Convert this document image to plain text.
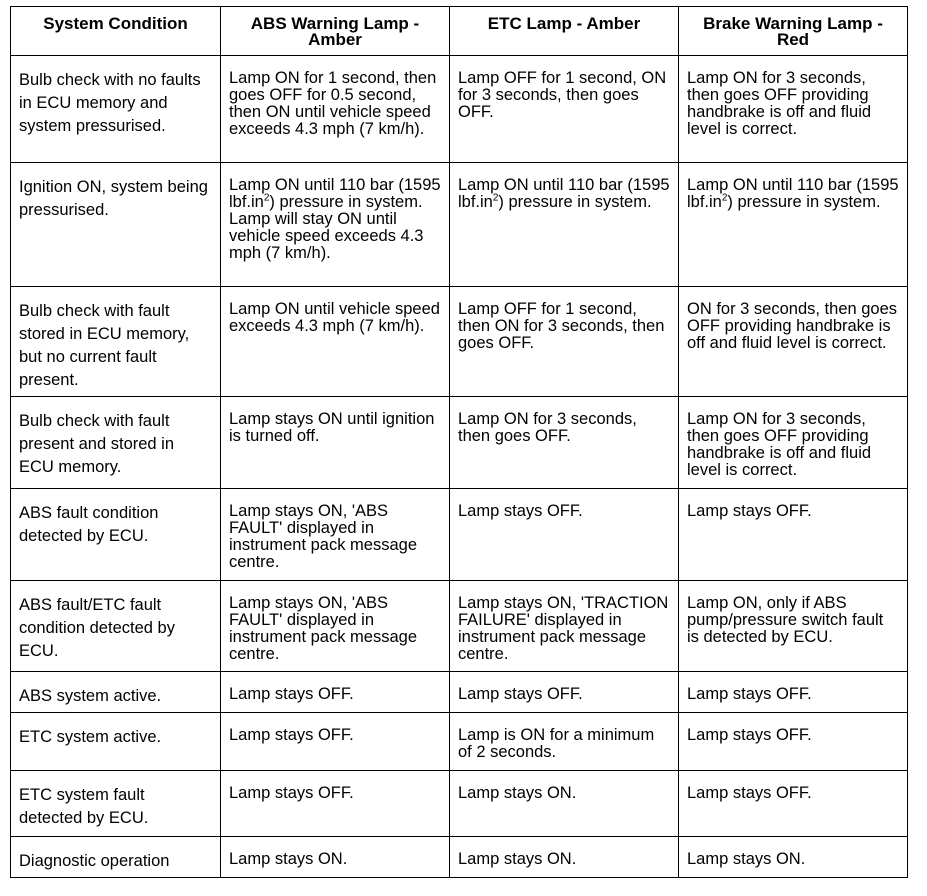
System Condition	ABS Warning Lamp - Amber	ETC Lamp - Amber	Brake Warning Lamp - Red
Bulb check with no faults in ECU memory and system pressurised.	Lamp ON for 1 second, then goes OFF for 0.5 second, then ON until vehicle speed exceeds 4.3 mph (7 km/h).	Lamp OFF for 1 second, ON for 3 seconds, then goes OFF.	Lamp ON for 3 seconds, then goes OFF providing handbrake is off and fluid level is correct.
Ignition ON, system being pressurised.	Lamp ON until 110 bar (1595 $lbf.in^2$) pressure in system. Lamp will stay ON until vehicle speed exceeds 4.3 mph (7 km/h).	Lamp ON until 110 bar (1595 $lbf.in^2$) pressure in system.	Lamp ON until 110 bar (1595 $lbf.in^2$) pressure in system.
Bulb check with fault stored in ECU memory, but no current fault present.	Lamp ON until vehicle speed exceeds 4.3 mph (7 km/h).	Lamp OFF for 1 second, then ON for 3 seconds, then goes OFF.	ON for 3 seconds, then goes OFF providing handbrake is off and fluid level is correct.
Bulb check with fault present and stored in ECU memory.	Lamp stays ON until ignition is turned off.	Lamp ON for 3 seconds, then goes OFF.	Lamp ON for 3 seconds, then goes OFF providing handbrake is off and fluid level is correct.
ABS fault condition detected by ECU.	Lamp stays ON, 'ABS FAULT' displayed in instrument pack message centre.	Lamp stays OFF.	Lamp stays OFF.
ABS fault/ETC fault condition detected by ECU.	Lamp stays ON, 'ABS FAULT' displayed in instrument pack message centre.	Lamp stays ON, 'TRACTION FAILURE' displayed in instrument pack message centre.	Lamp ON, only if ABS pump/pressure switch fault is detected by ECU.
ABS system active.	Lamp stays OFF.	Lamp stays OFF.	Lamp stays OFF.
ETC system active.	Lamp stays OFF.	Lamp is ON for a minimum of 2 seconds.	Lamp stays OFF.
ETC system fault detected by ECU.	Lamp stays OFF.	Lamp stays ON.	Lamp stays OFF.
Diagnostic operation	Lamp stays ON.	Lamp stays ON.	Lamp stays ON.
